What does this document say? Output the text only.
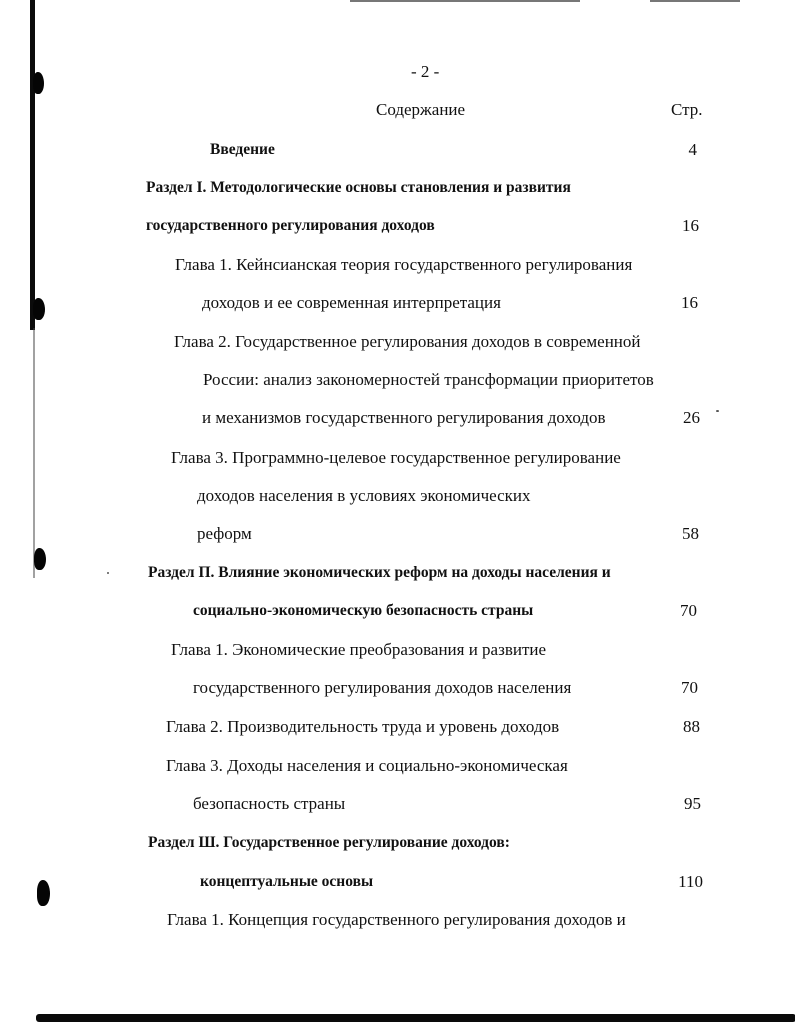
- 2 -
Содержание	Стр.
Введение	4
Раздел I. Методологические основы становления и развития
государственного регулирования доходов	16
Глава 1. Кейнсианская теория государственного регулирования
доходов и ее современная интерпретация	16
Глава 2. Государственное регулирования доходов в современной
России: анализ закономерностей трансформации приоритетов
и механизмов государственного регулирования доходов	26
Глава 3. Программно-целевое государственное регулирование
доходов населения в условиях экономических
реформ	58
Раздел П. Влияние экономических реформ на доходы населения и
социально-экономическую безопасность страны	70
Глава 1. Экономические преобразования и развитие
государственного регулирования доходов населения	70
Глава 2. Производительность труда и уровень доходов	88
Глава 3. Доходы населения и социально-экономическая
безопасность страны	95
Раздел Ш. Государственное регулирование доходов:
концептуальные основы	110
Глава 1. Концепция государственного регулирования доходов и
